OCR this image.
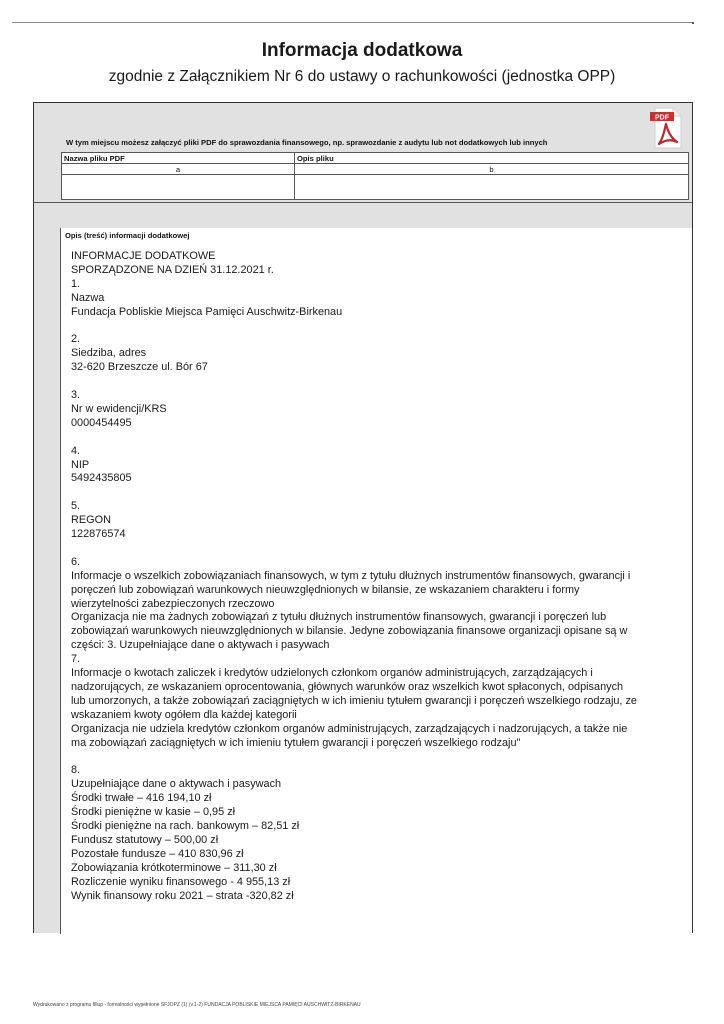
Informacja dodatkowa
zgodnie z Załącznikiem Nr 6 do ustawy o rachunkowości (jednostka OPP)
W tym miejscu możesz załączyć pliki PDF do sprawozdania finansowego, np. sprawozdanie z audytu lub not dodatkowych lub innych
PDF
Nazwa pliku PDF	Opis pliku
a	b

Opis (treść) informacji dodatkowej
INFORMACJE DODATKOWE
SPORZĄDZONE NA DZIEŃ 31.12.2021 r.
1.
Nazwa
Fundacja Pobliskie Miejsca Pamięci Auschwitz-Birkenau
2.
Siedziba, adres
32-620 Brzeszcze ul. Bór 67
3.
Nr w ewidencji/KRS
0000454495
4.
NIP
5492435805
5.
REGON
122876574
6.
Informacje o wszelkich zobowiązaniach finansowych, w tym z tytułu dłużnych instrumentów finansowych, gwarancji i
poręczeń lub zobowiązań warunkowych nieuwzględnionych w bilansie, ze wskazaniem charakteru i formy
wierzytelności zabezpieczonych rzeczowo
Organizacja nie ma żadnych zobowiązań z tytułu dłużnych instrumentów finansowych, gwarancji i poręczeń lub
zobowiązań warunkowych nieuwzględnionych w bilansie. Jedyne zobowiązania finansowe organizacji opisane są w
części: 3. Uzupełniające dane o aktywach i pasywach
7.
Informacje o kwotach zaliczek i kredytów udzielonych członkom organów administrujących, zarządzających i
nadzorujących, ze wskazaniem oprocentowania, głównych warunków oraz wszelkich kwot spłaconych, odpisanych
lub umorzonych, a także zobowiązań zaciągniętych w ich imieniu tytułem gwarancji i poręczeń wszelkiego rodzaju, ze
wskazaniem kwoty ogółem dla każdej kategorii
Organizacja nie udziela kredytów członkom organów administrujących, zarządzających i nadzorujących, a także nie
ma zobowiązań zaciągniętych w ich imieniu tytułem gwarancji i poręczeń wszelkiego rodzaju"
8.
Uzupełniające dane o aktywach i pasywach
Środki trwałe – 416 194,10 zł
Środki pieniężne w kasie – 0,95 zł
Środki pieniężne na rach. bankowym – 82,51 zł
Fundusz statutowy – 500,00 zł
Pozostałe fundusze – 410 830,96 zł
Zobowiązania krótkoterminowe – 311,30 zł
Rozliczenie wyniku finansowego - 4 955,13 zł
Wynik finansowy roku 2021 – strata -320,82 zł
Wydrukowano z programu fillup - formalności wypełnione SFJOPZ (1) (v.1-2) FUNDACJA POBLISKIE MIEJSCA PAMIĘCI AUSCHWITZ-BIRKENAU
